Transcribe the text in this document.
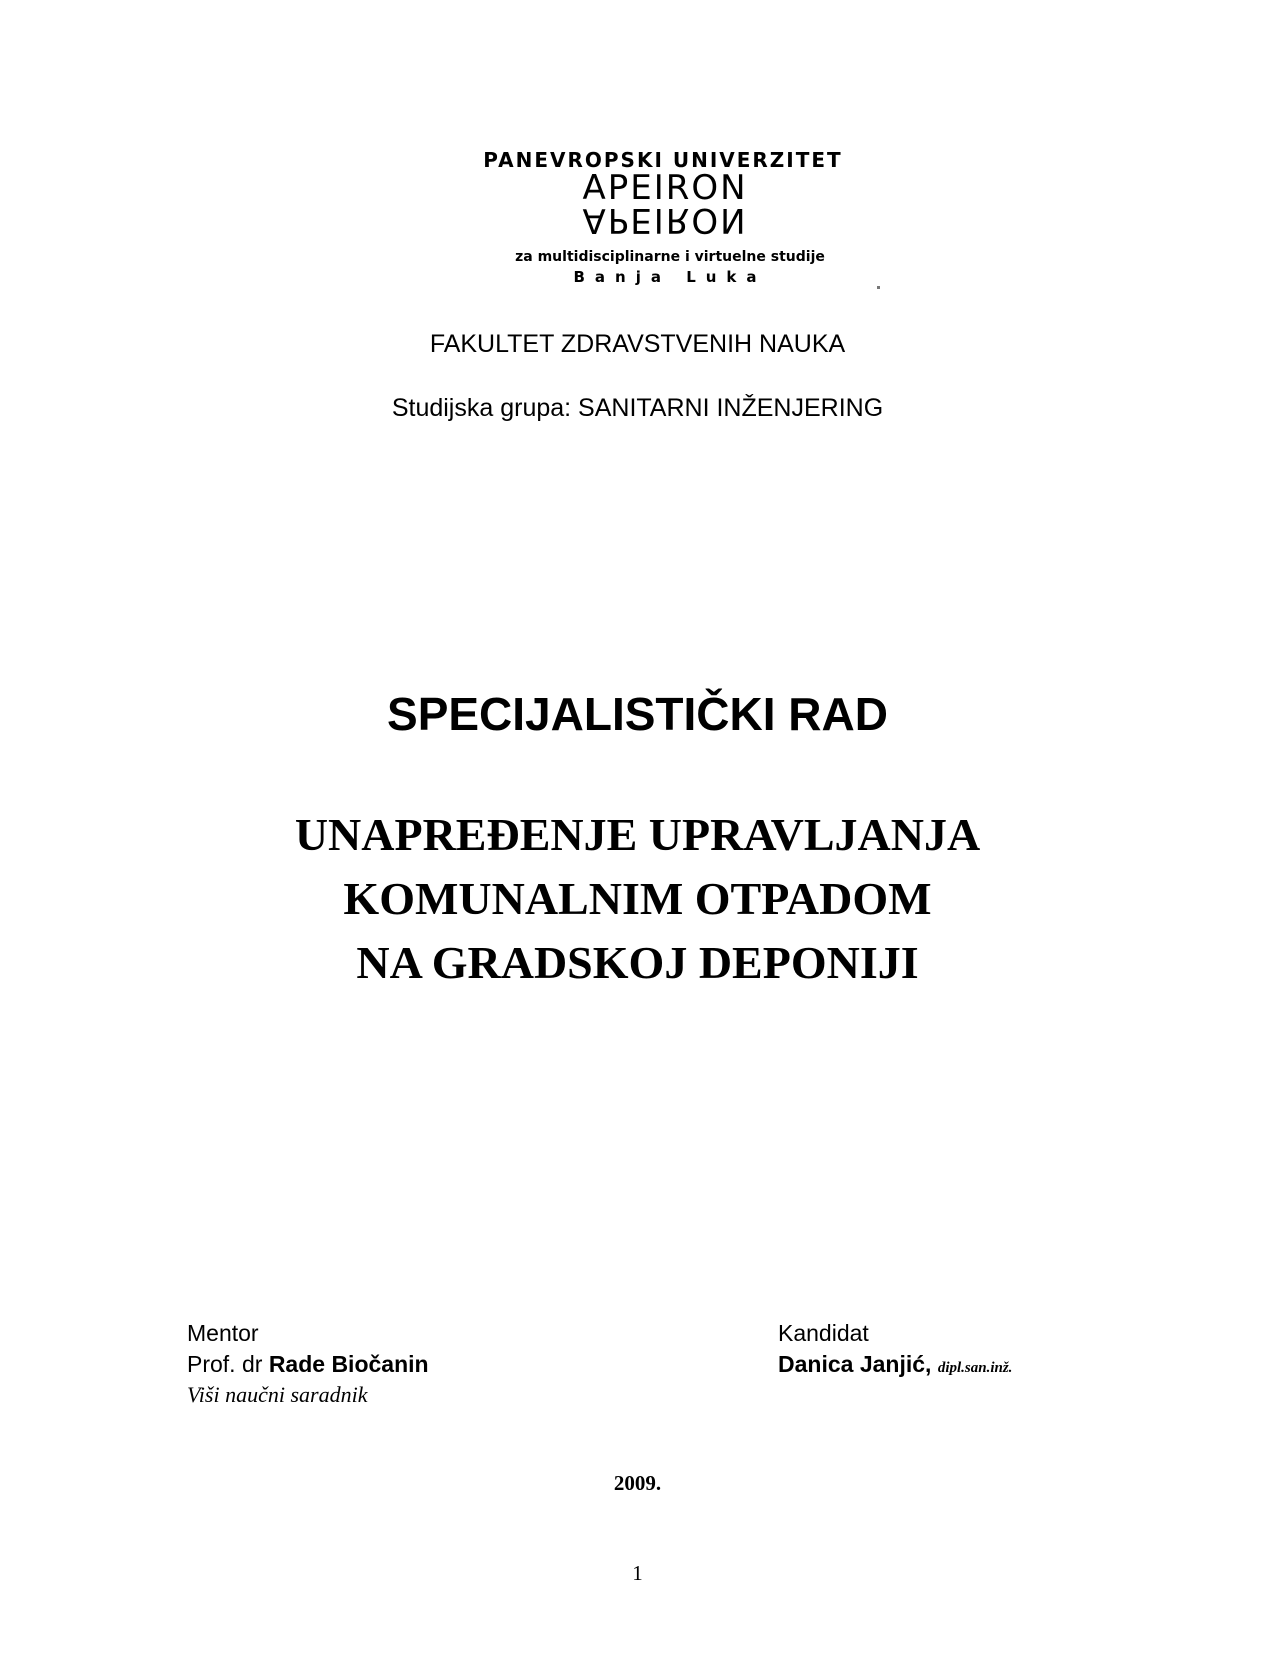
PANEVROPSKI UNIVERZITET
APEIRON
APEIRON
za multidisciplinarne i virtuelne studije
Banja Luka
FAKULTET ZDRAVSTVENIH NAUKA
Studijska grupa: SANITARNI INŽENJERING
SPECIJALISTIČKI RAD
UNAPREĐENJE UPRAVLJANJA
KOMUNALNIM OTPADOM
NA GRADSKOJ DEPONIJI
Mentor
Prof. dr Rade Biočanin
Viši naučni saradnik
Kandidat
Danica Janjić, dipl.san.inž.
2009.
1
